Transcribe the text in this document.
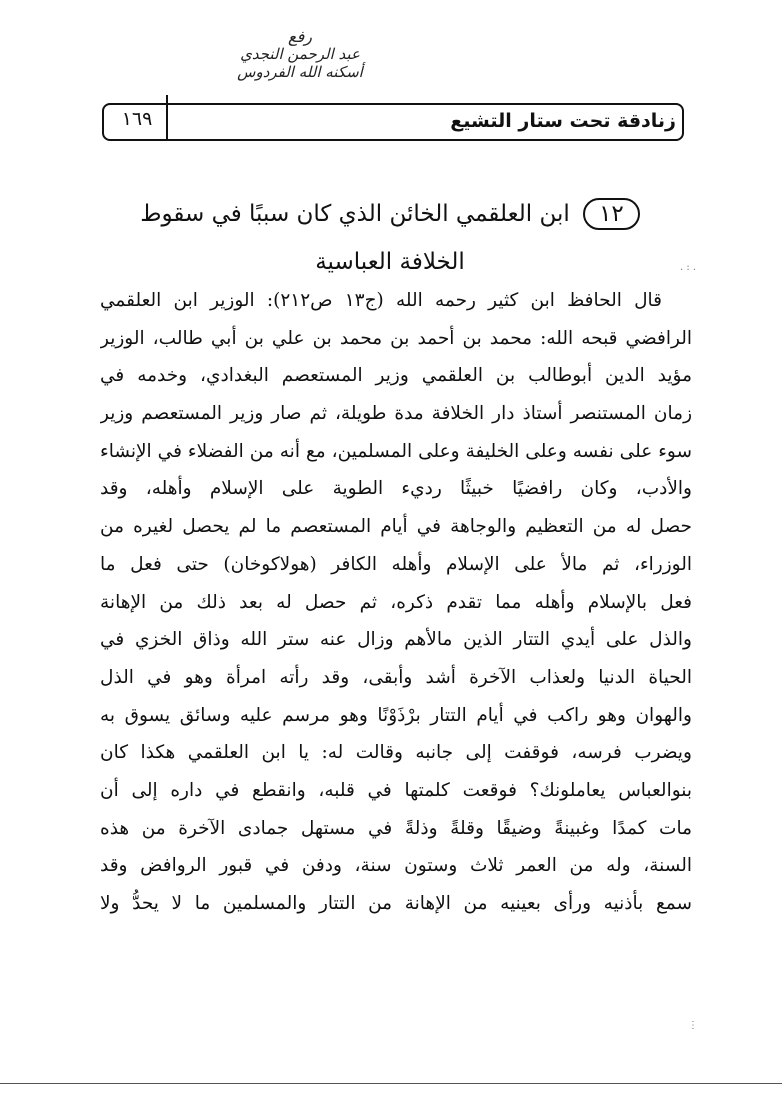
رفع
عبد الرحمن النجدي
أسكنه الله الفردوس
١٦٩	زنادقة تحت ستار التشيع
١٢ ابن العلقمي الخائن الذي كان سببًا في سقوط
الخلافة العباسية
قال الحافظ ابن كثير رحمه الله (ج١٣ ص٢١٢): الوزير ابن العلقمي
الرافضي قبحه الله: محمد بن أحمد بن محمد بن علي بن أبي طالب، الوزير
مؤيد الدين أبوطالب بن العلقمي وزير المستعصم البغدادي، وخدمه في
زمان المستنصر أستاذ دار الخلافة مدة طويلة، ثم صار وزير المستعصم وزير
سوء على نفسه وعلى الخليفة وعلى المسلمين، مع أنه من الفضلاء في الإنشاء
والأدب، وكان رافضيًا خبيثًا رديء الطوية على الإسلام وأهله، وقد
حصل له من التعظيم والوجاهة في أيام المستعصم ما لم يحصل لغيره من
الوزراء، ثم مالأ على الإسلام وأهله الكافر (هولاكوخان) حتى فعل ما
فعل بالإسلام وأهله مما تقدم ذكره، ثم حصل له بعد ذلك من الإهانة
والذل على أيدي التتار الذين مالأهم وزال عنه ستر الله وذاق الخزي في
الحياة الدنيا ولعذاب الآخرة أشد وأبقى، وقد رأته امرأة وهو في الذل
والهوان وهو راكب في أيام التتار برْذَوْنًا وهو مرسم عليه وسائق يسوق به
ويضرب فرسه، فوقفت إلى جانبه وقالت له: يا ابن العلقمي هكذا كان
بنوالعباس يعاملونك؟ فوقعت كلمتها في قلبه، وانقطع في داره إلى أن
مات كمدًا وغبينةً وضيقًا وقلةً وذلةً في مستهل جمادى الآخرة من هذه
السنة، وله من العمر ثلاث وستون سنة، ودفن في قبور الروافض وقد
سمع بأذنيه ورأى بعينيه من الإهانة من التتار والمسلمين ما لا يحدُّ ولا
. : .
⋮
